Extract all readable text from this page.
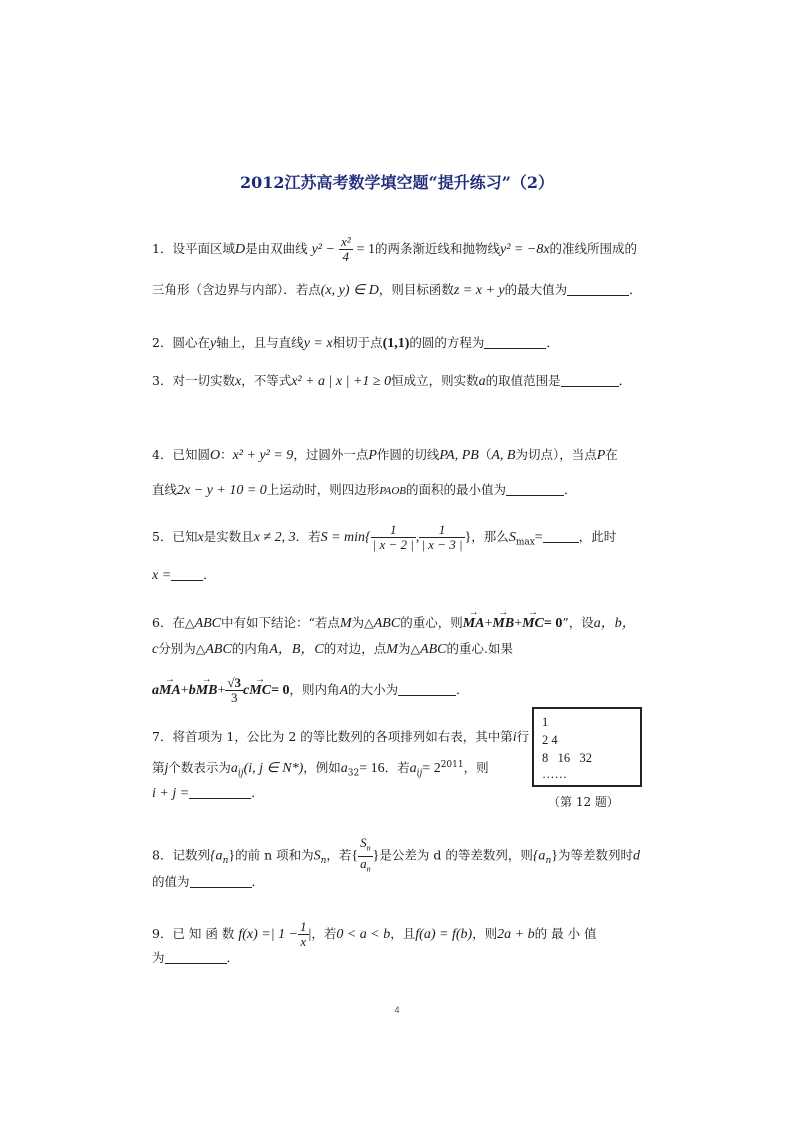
2012江苏高考数学填空题“提升练习”（2）
1．设平面区域D是由双曲线 $y^2 - \frac{\text{x²}}{4} = 1$的两条渐近线和抛物线y² = −8x的准线所围成的
三角形（含边界与内部）．若点(x, y) ∈ D，则目标函数z = x + y的最大值为	．
2．圆心在y轴上，且与直线y = x相切于点(1,1)的圆的方程为	．
3．对一切实数x，不等式x² + a | x | +1 ≥ 0恒成立，则实数a的取值范围是	．
4．已知圆O：x² + y² = 9，过圆外一点P作圆的切线PA, PB（A, B为切点），当点P在
直线2x − y + 10 = 0上运动时，则四边形PAOB的面积的最小值为	．
5．已知x是实数且x ≠ 2, 3．若$S = \min\{ \frac{1}{| x - 2 |}$ , $\frac{1}{| x - 3 |}$ }，那么$S_{max}=$	，此时
x =	．
6．在△ABC中有如下结论：“若点M为△ABC的重心，则→ MA+→ MB+→ MC= 0”，设a，b，
c分别为△ABC的内角A，B，C的对边，点M为△ABC的重心.如果
$a\to MA+b\to MB+ \frac{√3}{3} c\to MC= 0$，则内角A的大小为	．
7．将首项为 1，公比为 2 的等比数列的各项排列如右表，其中第i行
第j个数表示为$a_{ij}(i$, j ∈ N*)，例如$a_{32}= 16$．若$a_{ij}= 2^{2011}$，则
i + j =	．
1
2 4
8   16   32
……
（第 12 题）
8．记数列$\{a_n\}$的前 n 项和为$S_n$，若{ $\frac{S_n}{a_n}$ }是公差为 d 的等差数列，则$\{a_n\}$为等差数列时d
的值为	．
9．已 知 函 数 f(x) =| $1 - \frac{1}{x}$ |，若0 < a < b，且f(a) = f(b)，则2a + b的 最 小 值
为	．
4
